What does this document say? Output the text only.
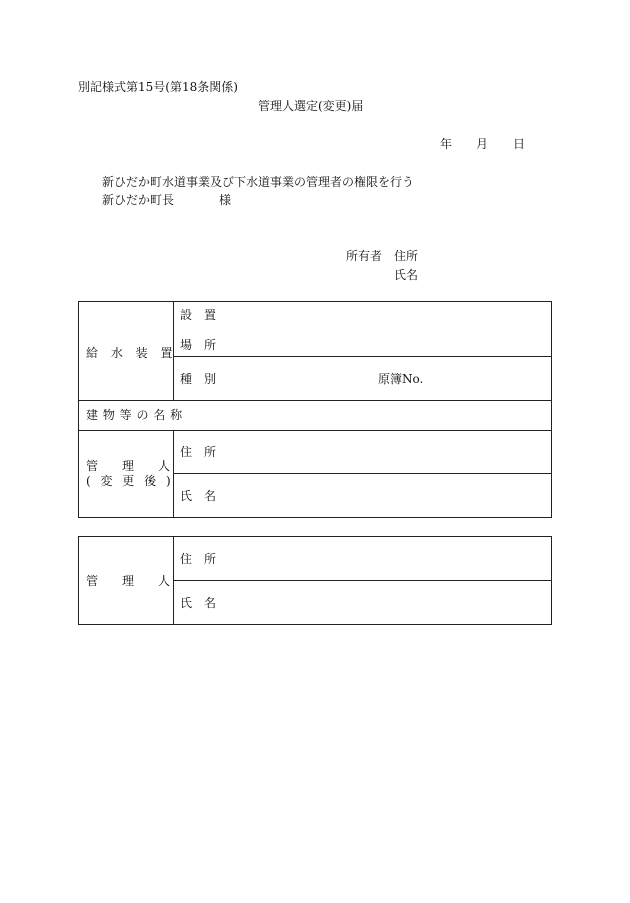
別記様式第15号(第18条関係)
管理人選定(変更)届
年 月 日
新ひだか町水道事業及び下水道事業の管理者の権限を行う
新ひだか町長	様
所有者 住所
氏名
給 水 装 置
設　置
場　所
種　別	原簿No.
建 物 等 の 名 称
管　　理　　人
( 変 更 後 )
住　所
氏　名
管　　理　　人
住　所
氏　名
